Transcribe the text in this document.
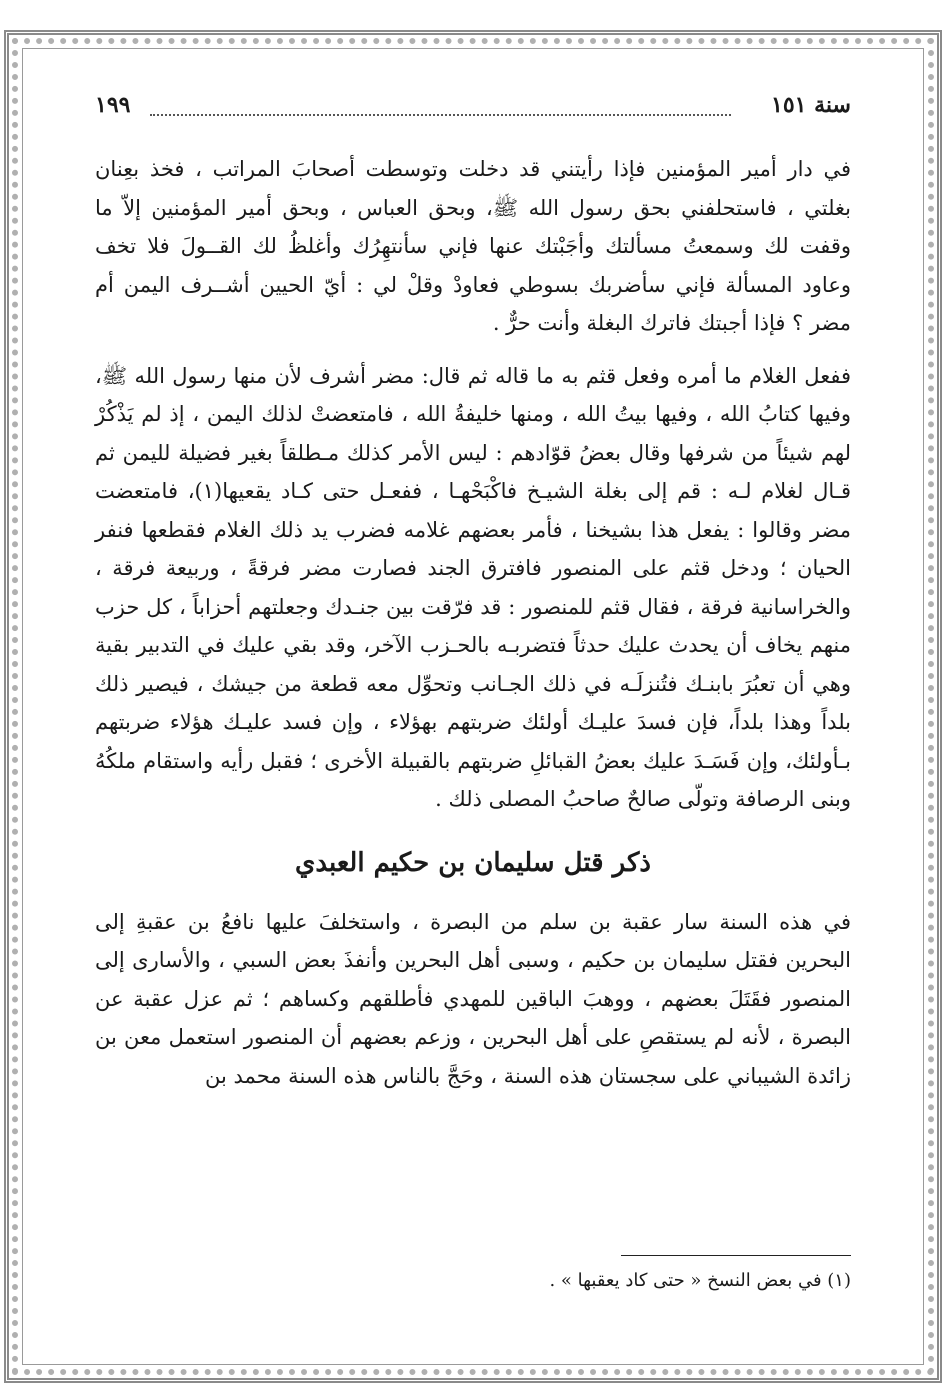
سنة ١٥١
١٩٩

في دار أمير المؤمنين فإذا رأيتني قد دخلت وتوسطت أصحابَ المراتب ، فخذ بعِنان بغلتي ، فاستحلفني بحق رسول الله ﷺ، وبحق العباس ، وبحق أمير المؤمنين إلاّ ما وقفت لك وسمعتُ مسألتك وأجَبْتك عنها فإني سأنتهِرُك وأغلظُ لك القــولَ فلا تخف وعاود المسألة فإني سأضربك بسوطي فعاودْ وقلْ لي : أيّ الحيين أشــرف اليمن أم مضر ؟ فإذا أجبتك فاترك البغلة وأنت حرٌّ .

ففعل الغلام ما أمره وفعل قثم به ما قاله ثم قال: مضر أشرف لأن منها رسول الله ﷺ، وفيها كتابُ الله ، وفيها بيتُ الله ، ومنها خليفةُ الله ، فامتعضتْ لذلك اليمن ، إذ لم يَذْكُرْ لهم شيئاً من شرفها وقال بعضُ قوّادهم : ليس الأمر كذلك مـطلقاً بغير فضيلة لليمن ثم قـال لغلام لـه : قم إلى بغلة الشيـخ فاكْبَحْهـا ، ففعـل حتى كـاد يقعيها(١)، فامتعضت مضر وقالوا : يفعل هذا بشيخنا ، فأمر بعضهم غلامه فضرب يد ذلك الغلام فقطعها فنفر الحيان ؛ ودخل قثم على المنصور فافترق الجند فصارت مضر فرقةً ، وربيعة فرقة ، والخراسانية فرقة ، فقال قثم للمنصور : قد فرّقت بين جنـدك وجعلتهم أحزاباً ، كل حزب منهم يخاف أن يحدث عليك حدثاً فتضربـه بالحـزب الآخر، وقد بقي عليك في التدبير بقية وهي أن تعبُرَ بابنـك فتُنزلَـه في ذلك الجـانب وتحوِّل معه قطعة من جيشك ، فيصير ذلك بلداً وهذا بلداً، فإن فسدَ عليـك أولئك ضربتهم بهؤلاء ، وإن فسد عليـك هؤلاء ضربتهم بـأولئك، وإن فَسَـدَ عليك بعضُ القبائلِ ضربتهم بالقبيلة الأخرى ؛ فقبل رأيه واستقام ملكُهُ وبنى الرصافة وتولّى صالحٌ صاحبُ المصلى ذلك .

ذكر قتل سليمان بن حكيم العبدي

في هذه السنة سار عقبة بن سلم من البصرة ، واستخلفَ عليها نافعُ بن عقبةِ إلى البحرين فقتل سليمان بن حكيم ، وسبى أهل البحرين وأنفذَ بعض السبي ، والأسارى إلى المنصور فقَتَلَ بعضهم ، ووهبَ الباقين للمهدي فأطلقهم وكساهم ؛ ثم عزل عقبة عن البصرة ، لأنه لم يستقصِ على أهل البحرين ، وزعم بعضهم أن المنصور استعمل معن بن زائدة الشيباني على سجستان هذه السنة ، وحَجَّ بالناس هذه السنة محمد بن

(١) في بعض النسخ « حتى كاد يعقبها » .
